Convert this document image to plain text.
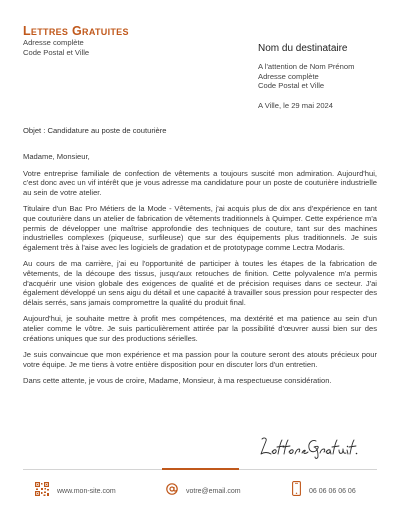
Lettres Gratuites
Adresse complète
Code Postal et Ville	Nom du destinataire
A l'attention de Nom Prénom
Adresse complète
Code Postal et Ville
A Ville, le 29 mai 2024
Objet : Candidature au poste de couturière

Madame, Monsieur,

Votre entreprise familiale de confection de vêtements a toujours suscité mon admiration. Aujourd'hui, c'est donc avec un vif intérêt que je vous adresse ma candidature pour un poste de couturière industrielle au sein de votre atelier.

Titulaire d'un Bac Pro Métiers de la Mode - Vêtements, j'ai acquis plus de dix ans d'expérience en tant que couturière dans un atelier de fabrication de vêtements traditionnels à Quimper. Cette expérience m'a permis de développer une maîtrise approfondie des techniques de couture, tant sur des machines industrielles complexes (piqueuse, surfileuse) que sur des équipements plus traditionnels. Je suis également très à l'aise avec les logiciels de gradation et de prototypage comme Lectra Modaris.

Au cours de ma carrière, j'ai eu l'opportunité de participer à toutes les étapes de la fabrication de vêtements, de la découpe des tissus, jusqu'aux retouches de finition. Cette polyvalence m'a permis d'acquérir une vision globale des exigences de qualité et de précision requises dans ce secteur. J'ai également développé un sens aigu du détail et une capacité à travailler sous pression pour respecter des délais serrés, sans jamais compromettre la qualité du produit final.

Aujourd'hui, je souhaite mettre à profit mes compétences, ma dextérité et ma patience au sein d'un atelier comme le vôtre. Je suis particulièrement attirée par la possibilité d'œuvrer aussi bien sur des créations uniques que sur des productions sérielles.

Je suis convaincue que mon expérience et ma passion pour la couture seront des atouts précieux pour votre équipe. Je me tiens à votre entière disposition pour en discuter lors d'un entretien.

Dans cette attente, je vous de croire, Madame, Monsieur, à ma respectueuse considération.

www.mon-site.com	votre@email.com	06 06 06 06 06
